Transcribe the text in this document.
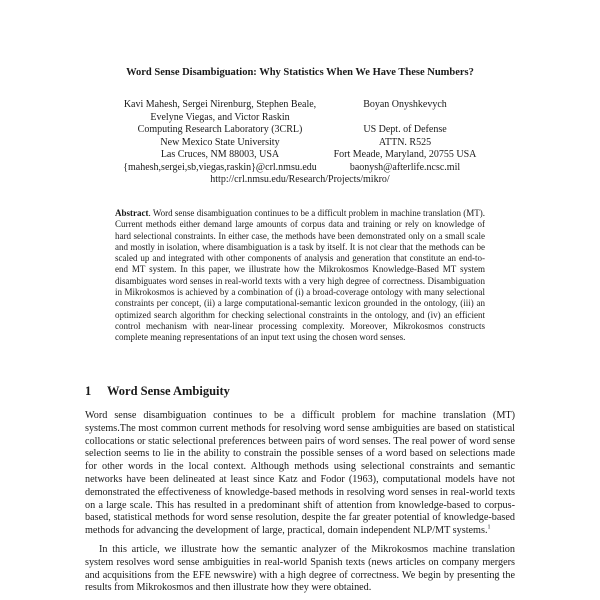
Word Sense Disambiguation: Why Statistics When We Have These Numbers?
Kavi Mahesh, Sergei Nirenburg, Stephen Beale,
Evelyne Viegas, and Victor Raskin
Computing Research Laboratory (3CRL)
New Mexico State University
Las Cruces, NM 88003, USA
{mahesh,sergei,sb,viegas,raskin}@crl.nmsu.edu
Boyan Onyshkevych

US Dept. of Defense
ATTN. R525
Fort Meade, Maryland, 20755 USA
baonysh@afterlife.ncsc.mil
http://crl.nmsu.edu/Research/Projects/mikro/
Abstract. Word sense disambiguation continues to be a difficult problem in machine translation (MT). Current methods either demand large amounts of corpus data and training or rely on knowledge of hard selectional constraints. In either case, the methods have been demonstrated only on a small scale and mostly in isolation, where disambiguation is a task by itself. It is not clear that the methods can be scaled up and integrated with other components of analysis and generation that constitute an end-to-end MT system. In this paper, we illustrate how the Mikrokosmos Knowledge-Based MT system disambiguates word senses in real-world texts with a very high degree of correctness. Disambiguation in Mikrokosmos is achieved by a combination of (i) a broad-coverage ontology with many selectional constraints per concept, (ii) a large computational-semantic lexicon grounded in the ontology, (iii) an optimized search algorithm for checking selectional constraints in the ontology, and (iv) an efficient control mechanism with near-linear processing complexity. Moreover, Mikrokosmos constructs complete meaning representations of an input text using the chosen word senses.
1 Word Sense Ambiguity
Word sense disambiguation continues to be a difficult problem for machine translation (MT) systems.The most common current methods for resolving word sense ambiguities are based on statistical collocations or static selectional preferences between pairs of word senses. The real power of word sense selection seems to lie in the ability to constrain the possible senses of a word based on selections made for other words in the local context. Although methods using selectional constraints and semantic networks have been delineated at least since Katz and Fodor (1963), computational models have not demonstrated the effectiveness of knowledge-based methods in resolving word senses in real-world texts on a large scale. This has resulted in a predominant shift of attention from knowledge-based to corpus-based, statistical methods for word sense resolution, despite the far greater potential of knowledge-based methods for advancing the development of large, practical, domain independent NLP/MT systems.$^1$
In this article, we illustrate how the semantic analyzer of the Mikrokosmos machine translation system resolves word sense ambiguities in real-world Spanish texts (news articles on company mergers and acquisitions from the EFE newswire) with a high degree of correctness. We begin by presenting the results from Mikrokosmos and then illustrate how they were obtained.
